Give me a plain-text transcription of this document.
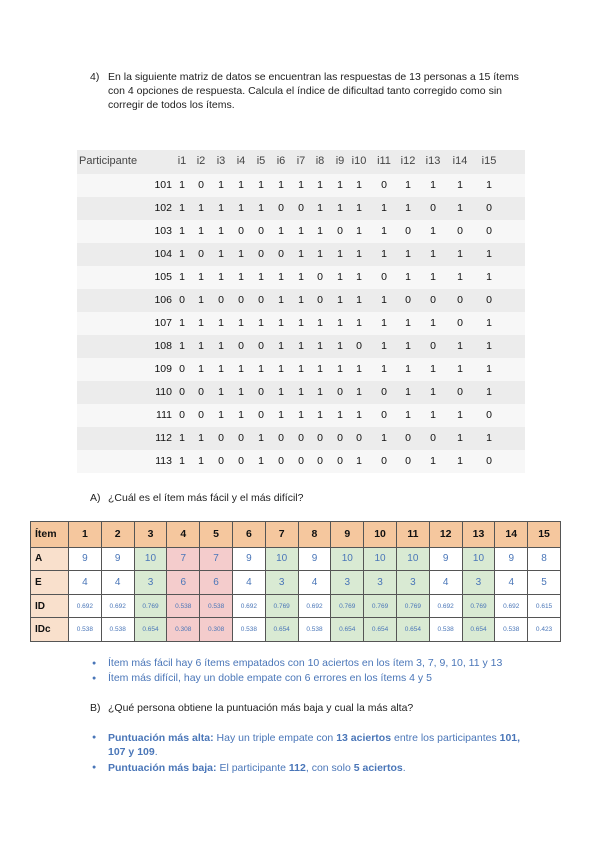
4) En la siguiente matriz de datos se encuentran las respuestas de 13 personas a 15 ítems con 4 opciones de respuesta. Calcula el índice de dificultad tanto corregido como sin corregir de todos los ítems.
Participante	i1 i2	i3	i4	i5	i6	i7 i8	i9 i10 i11 i12 i13	i14	i15
101 1	0	1	1	1	1	1	1	1	1	0	1	1	1	1
102 1	1	1	1	1	0	0	1	1	1	1	1	0	1	0
103 1	1	1	0	0	1	1	1	0	1	1	0	1	0	0
104 1	0	1	1	0	0	1	1	1	1	1	1	1	1	1
105 1	1	1	1	1	1	1	0	1	1	0	1	1	1	1
106 0	1	0	0	0	1	1	0	1	1	1	0	0	0	0
107 1	1	1	1	1	1	1	1	1	1	1	1	1	0	1
108 1	1	1	0	0	1	1	1	1	0	1	1	0	1	1
109 0	1	1	1	1	1	1	1	1	1	1	1	1	1	1
110 0	0	1	1	0	1	1	1	0	1	0	1	1	0	1
111 0	0	1	1	0	1	1	1	1	1	0	1	1	1	0
112 1	1	0	0	1	0	0	0	0	0	1	0	0	1	1
113 1	1	0	0	1	0	0	0	0	1	0	0	1	1	0
A) ¿Cuál es el ítem más fácil y el más difícil?
Ítem	1	2	3	4	5	6	7	8	9	10	11	12	13	14	15
A	9	9	10	7	7	9	10	9	10	10	10	9	10	9	8
E	4	4	3	6	6	4	3	4	3	3	3	4	3	4	5
ID	0.692	0.692	0.769	0.538	0.538	0.692	0.769	0.692	0.769	0.769	0.769	0.692	0.769	0.692	0.615
IDc	0.538	0.538	0.654	0.308	0.308	0.538	0.654	0.538	0.654	0.654	0.654	0.538	0.654	0.538	0.423
● Ítem más fácil hay 6 ítems empatados con 10 aciertos en los ítem 3, 7, 9, 10, 11 y 13
● Ítem más difícil, hay un doble empate con 6 errores en los ítems 4 y 5
B) ¿Qué persona obtiene la puntuación más baja y cual la más alta?
● Puntuación más alta: Hay un triple empate con 13 aciertos entre los participantes 101, 107 y 109.
● Puntuación más baja: El participante 112, con solo 5 aciertos.
